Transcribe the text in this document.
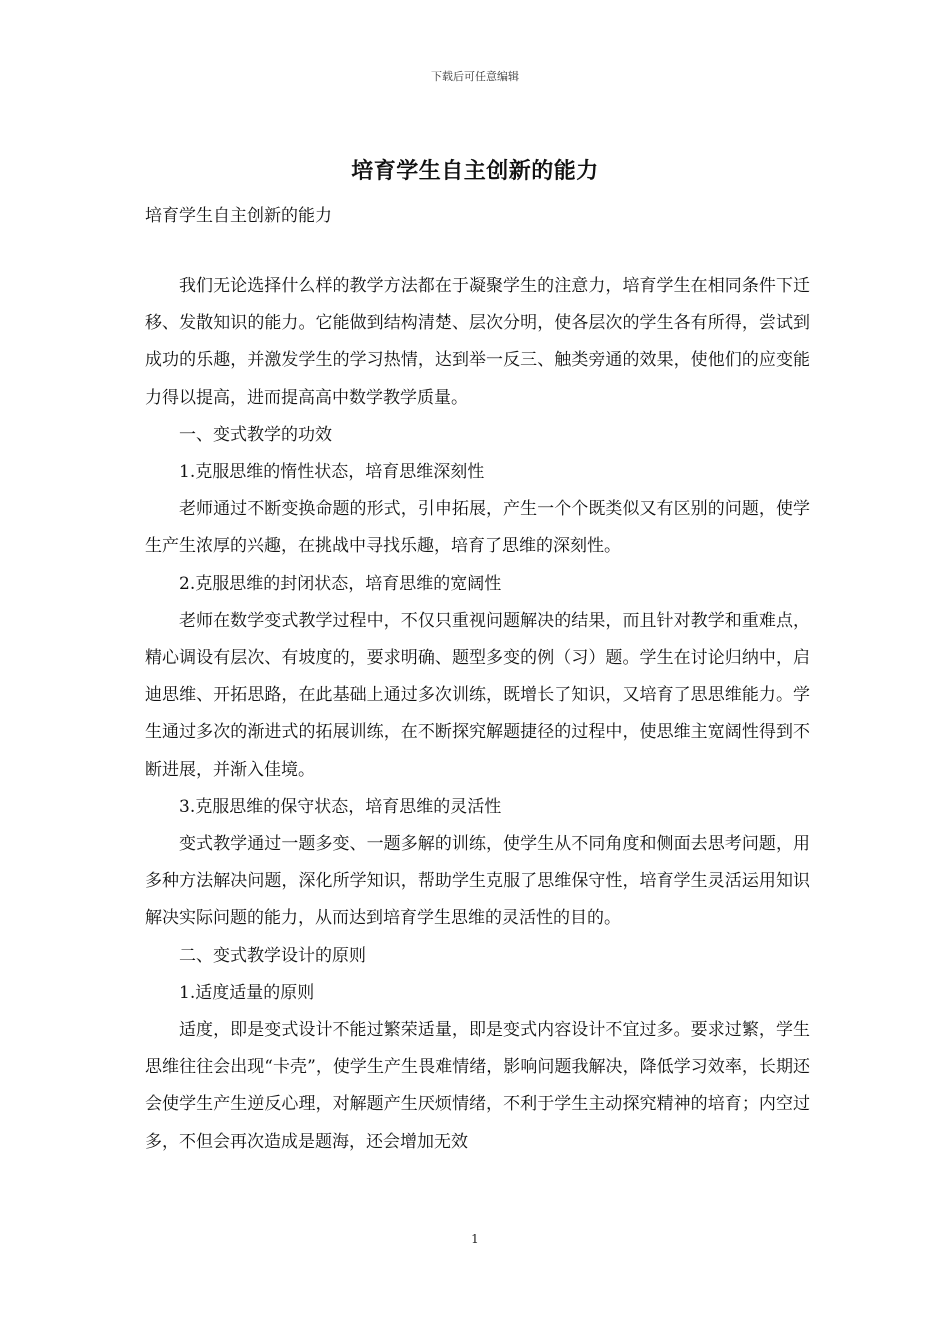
下载后可任意编辑
培育学生自主创新的能力
培育学生自主创新的能力

我们无论选择什么样的教学方法都在于凝聚学生的注意力，培育学生在相同条件下迁移、发散知识的能力。它能做到结构清楚、层次分明，使各层次的学生各有所得，尝试到成功的乐趣，并激发学生的学习热情，达到举一反三、触类旁通的效果，使他们的应变能力得以提高，进而提高高中数学教学质量。

一、变式教学的功效

1.克服思维的惰性状态，培育思维深刻性

老师通过不断变换命题的形式，引申拓展，产生一个个既类似又有区别的问题，使学生产生浓厚的兴趣，在挑战中寻找乐趣，培育了思维的深刻性。

2.克服思维的封闭状态，培育思维的宽阔性

老师在数学变式教学过程中，不仅只重视问题解决的结果，而且针对教学和重难点，精心调设有层次、有坡度的，要求明确、题型多变的例（习）题。学生在讨论归纳中，启迪思维、开拓思路，在此基础上通过多次训练，既增长了知识，又培育了思思维能力。学生通过多次的渐进式的拓展训练，在不断探究解题捷径的过程中，使思维主宽阔性得到不断进展，并渐入佳境。

3.克服思维的保守状态，培育思维的灵活性

变式教学通过一题多变、一题多解的训练，使学生从不同角度和侧面去思考问题，用多种方法解决问题，深化所学知识，帮助学生克服了思维保守性，培育学生灵活运用知识解决实际问题的能力，从而达到培育学生思维的灵活性的目的。

二、变式教学设计的原则

1.适度适量的原则

适度，即是变式设计不能过繁荣适量，即是变式内容设计不宜过多。要求过繁，学生思维往往会出现“卡壳”，使学生产生畏难情绪，影响问题我解决，降低学习效率，长期还会使学生产生逆反心理，对解题产生厌烦情绪，不利于学生主动探究精神的培育；内空过多，不但会再次造成是题海，还会增加无效

1
